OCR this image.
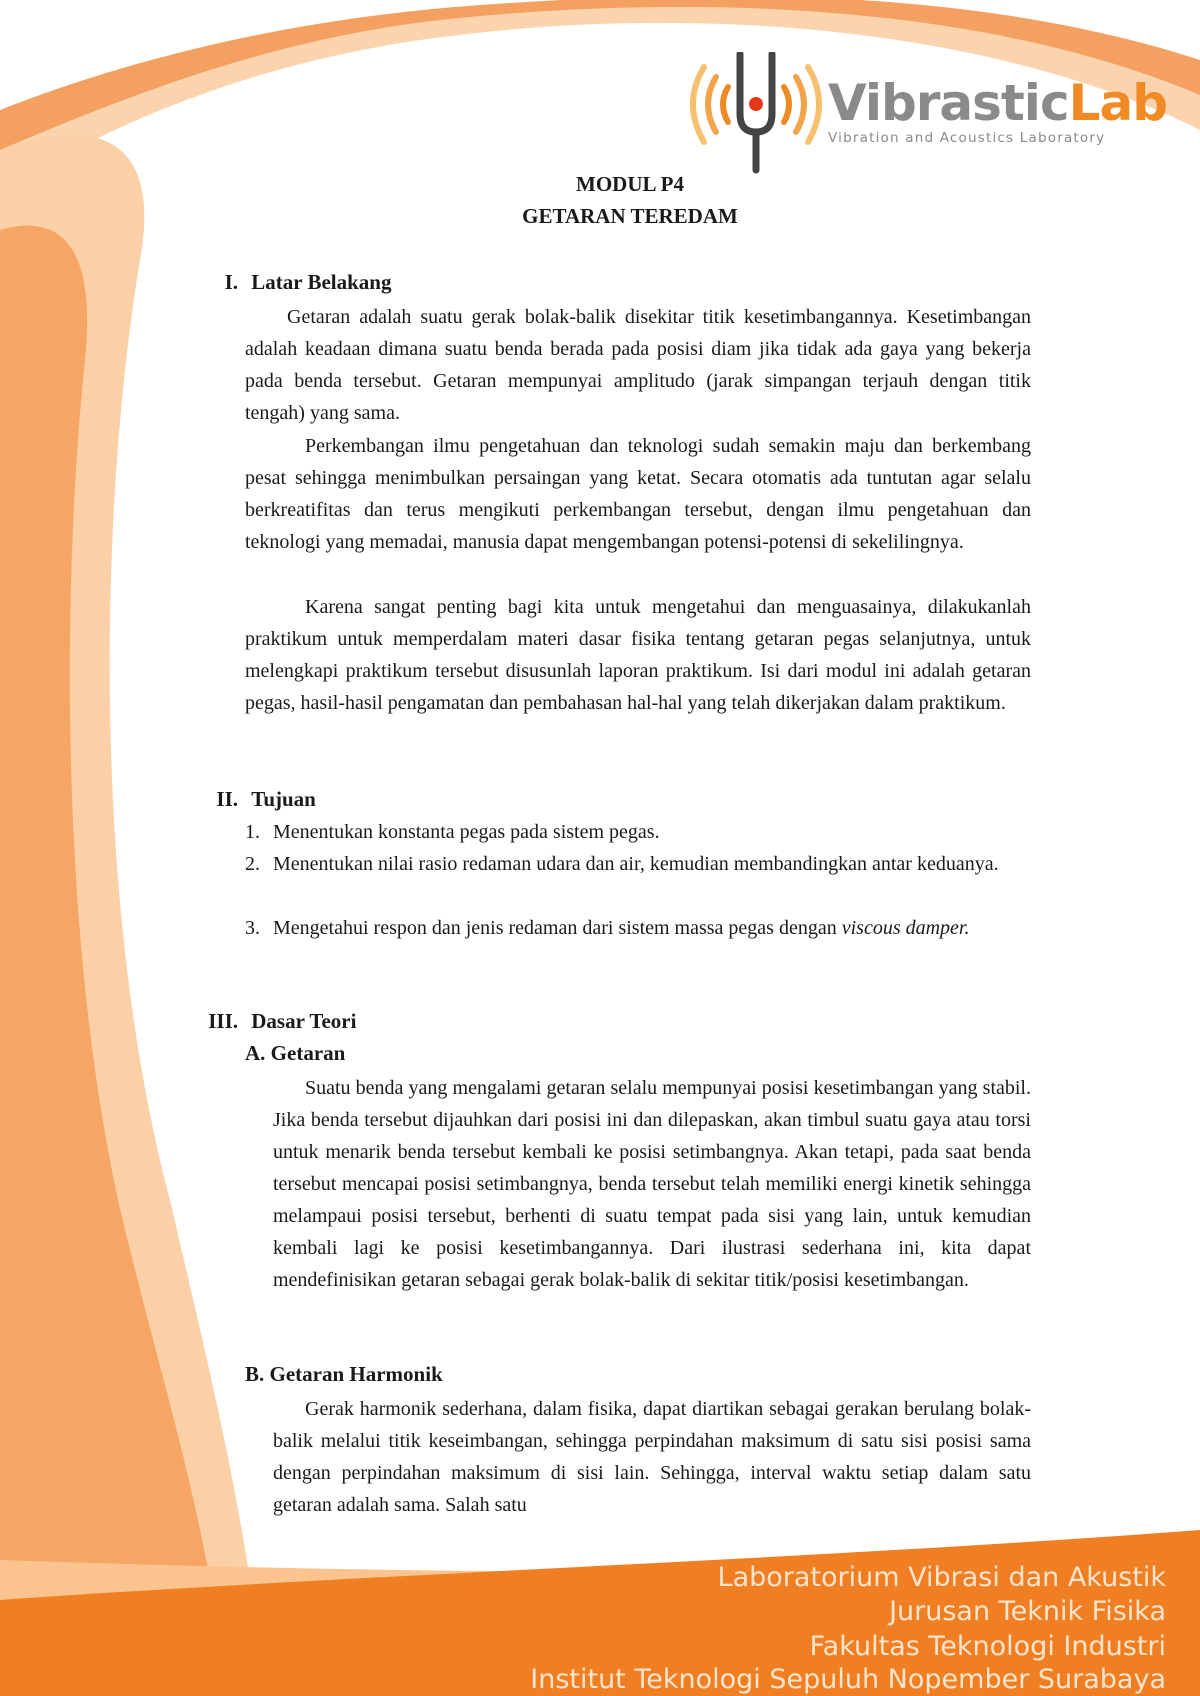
VibrasticLab
Vibration and Acoustics Laboratory
MODUL P4
GETARAN TEREDAM
I. Latar Belakang
Getaran adalah suatu gerak bolak-balik disekitar titik kesetimbangannya. Kesetimbangan adalah keadaan dimana suatu benda berada pada posisi diam jika tidak ada gaya yang bekerja pada benda tersebut. Getaran mempunyai amplitudo (jarak simpangan terjauh dengan titik tengah) yang sama.
Perkembangan ilmu pengetahuan dan teknologi sudah semakin maju dan berkembang pesat sehingga menimbulkan persaingan yang ketat. Secara otomatis ada tuntutan agar selalu berkreatifitas dan terus mengikuti perkembangan tersebut, dengan ilmu pengetahuan dan teknologi yang memadai, manusia dapat mengembangan potensi-potensi di sekelilingnya.
Karena sangat penting bagi kita untuk mengetahui dan menguasainya, dilakukanlah praktikum untuk memperdalam materi dasar fisika tentang getaran pegas selanjutnya, untuk melengkapi praktikum tersebut disusunlah laporan praktikum. Isi dari modul ini adalah getaran pegas, hasil-hasil pengamatan dan pembahasan hal-hal yang telah dikerjakan dalam praktikum.
II. Tujuan
1. Menentukan konstanta pegas pada sistem pegas.
2. Menentukan nilai rasio redaman udara dan air, kemudian membandingkan antar keduanya.
3. Mengetahui respon dan jenis redaman dari sistem massa pegas dengan viscous damper.
III. Dasar Teori
A. Getaran
Suatu benda yang mengalami getaran selalu mempunyai posisi kesetimbangan yang stabil. Jika benda tersebut dijauhkan dari posisi ini dan dilepaskan, akan timbul suatu gaya atau torsi untuk menarik benda tersebut kembali ke posisi setimbangnya. Akan tetapi, pada saat benda tersebut mencapai posisi setimbangnya, benda tersebut telah memiliki energi kinetik sehingga melampaui posisi tersebut, berhenti di suatu tempat pada sisi yang lain, untuk kemudian kembali lagi ke posisi kesetimbangannya. Dari ilustrasi sederhana ini, kita dapat mendefinisikan getaran sebagai gerak bolak-balik di sekitar titik/posisi kesetimbangan.
B. Getaran Harmonik
Gerak harmonik sederhana, dalam fisika, dapat diartikan sebagai gerakan berulang bolak-balik melalui titik keseimbangan, sehingga perpindahan maksimum di satu sisi posisi sama dengan perpindahan maksimum di sisi lain. Sehingga, interval waktu setiap dalam satu getaran adalah sama. Salah satu
Laboratorium Vibrasi dan Akustik
Jurusan Teknik Fisika
Fakultas Teknologi Industri
Institut Teknologi Sepuluh Nopember Surabaya
